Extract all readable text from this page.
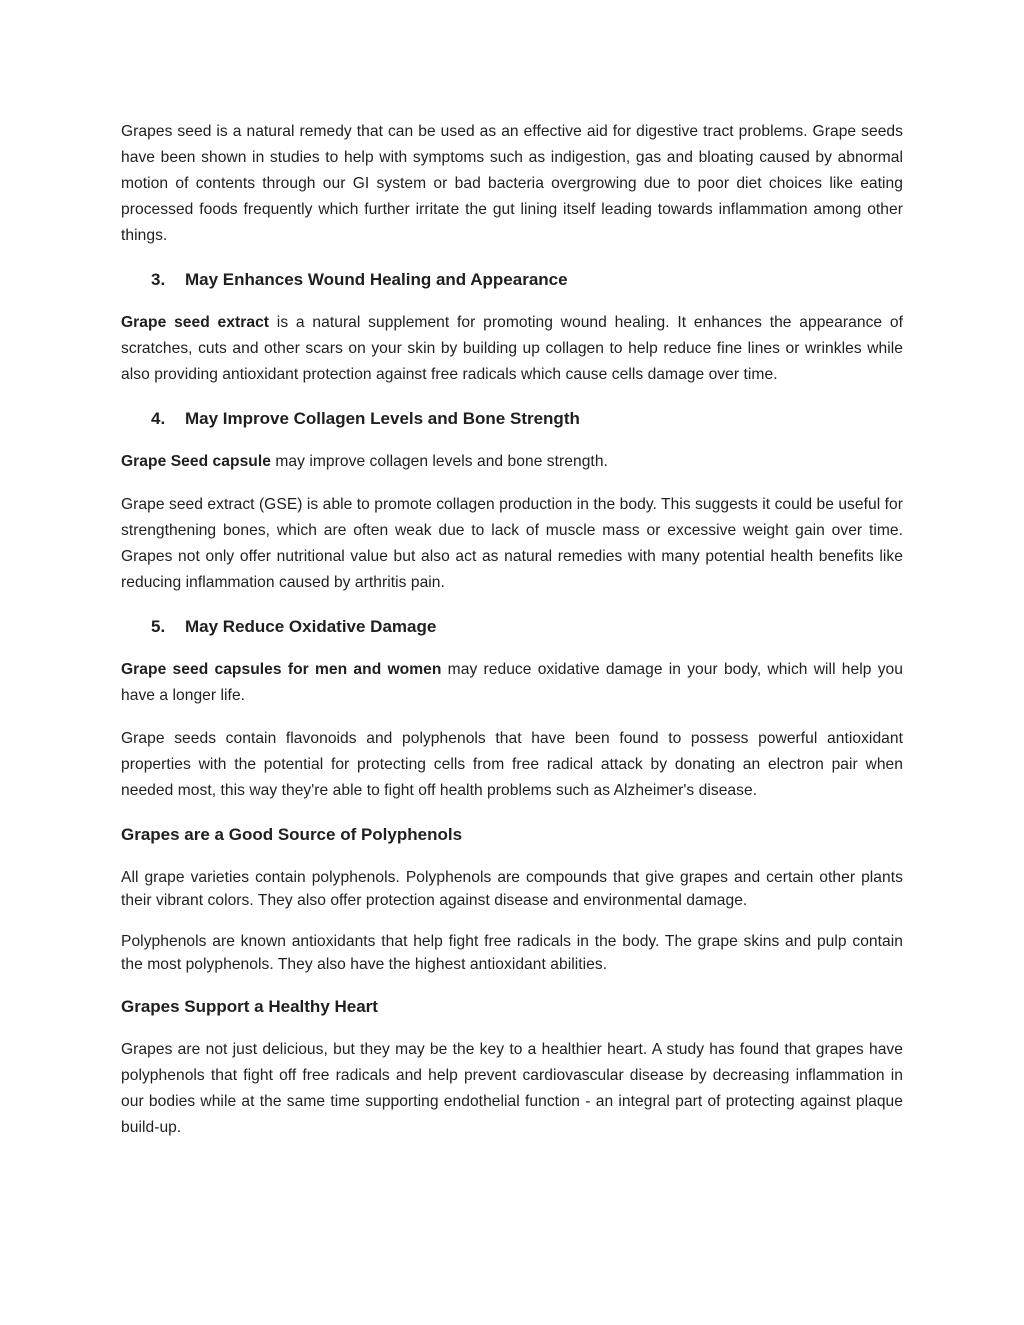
Grapes seed is a natural remedy that can be used as an effective aid for digestive tract problems. Grape seeds have been shown in studies to help with symptoms such as indigestion, gas and bloating caused by abnormal motion of contents through our GI system or bad bacteria overgrowing due to poor diet choices like eating processed foods frequently which further irritate the gut lining itself leading towards inflammation among other things.

3.	May Enhances Wound Healing and Appearance

Grape seed extract is a natural supplement for promoting wound healing. It enhances the appearance of scratches, cuts and other scars on your skin by building up collagen to help reduce fine lines or wrinkles while also providing antioxidant protection against free radicals which cause cells damage over time.

4.	May Improve Collagen Levels and Bone Strength

Grape Seed capsule may improve collagen levels and bone strength.

Grape seed extract (GSE) is able to promote collagen production in the body. This suggests it could be useful for strengthening bones, which are often weak due to lack of muscle mass or excessive weight gain over time. Grapes not only offer nutritional value but also act as natural remedies with many potential health benefits like reducing inflammation caused by arthritis pain.

5.	May Reduce Oxidative Damage

Grape seed capsules for men and women may reduce oxidative damage in your body, which will help you have a longer life.

Grape seeds contain flavonoids and polyphenols that have been found to possess powerful antioxidant properties with the potential for protecting cells from free radical attack by donating an electron pair when needed most, this way they're able to fight off health problems such as Alzheimer's disease.

Grapes are a Good Source of Polyphenols

All grape varieties contain polyphenols. Polyphenols are compounds that give grapes and certain other plants their vibrant colors. They also offer protection against disease and environmental damage.

Polyphenols are known antioxidants that help fight free radicals in the body. The grape skins and pulp contain the most polyphenols. They also have the highest antioxidant abilities.

Grapes Support a Healthy Heart

Grapes are not just delicious, but they may be the key to a healthier heart. A study has found that grapes have polyphenols that fight off free radicals and help prevent cardiovascular disease by decreasing inflammation in our bodies while at the same time supporting endothelial function - an integral part of protecting against plaque build-up.
